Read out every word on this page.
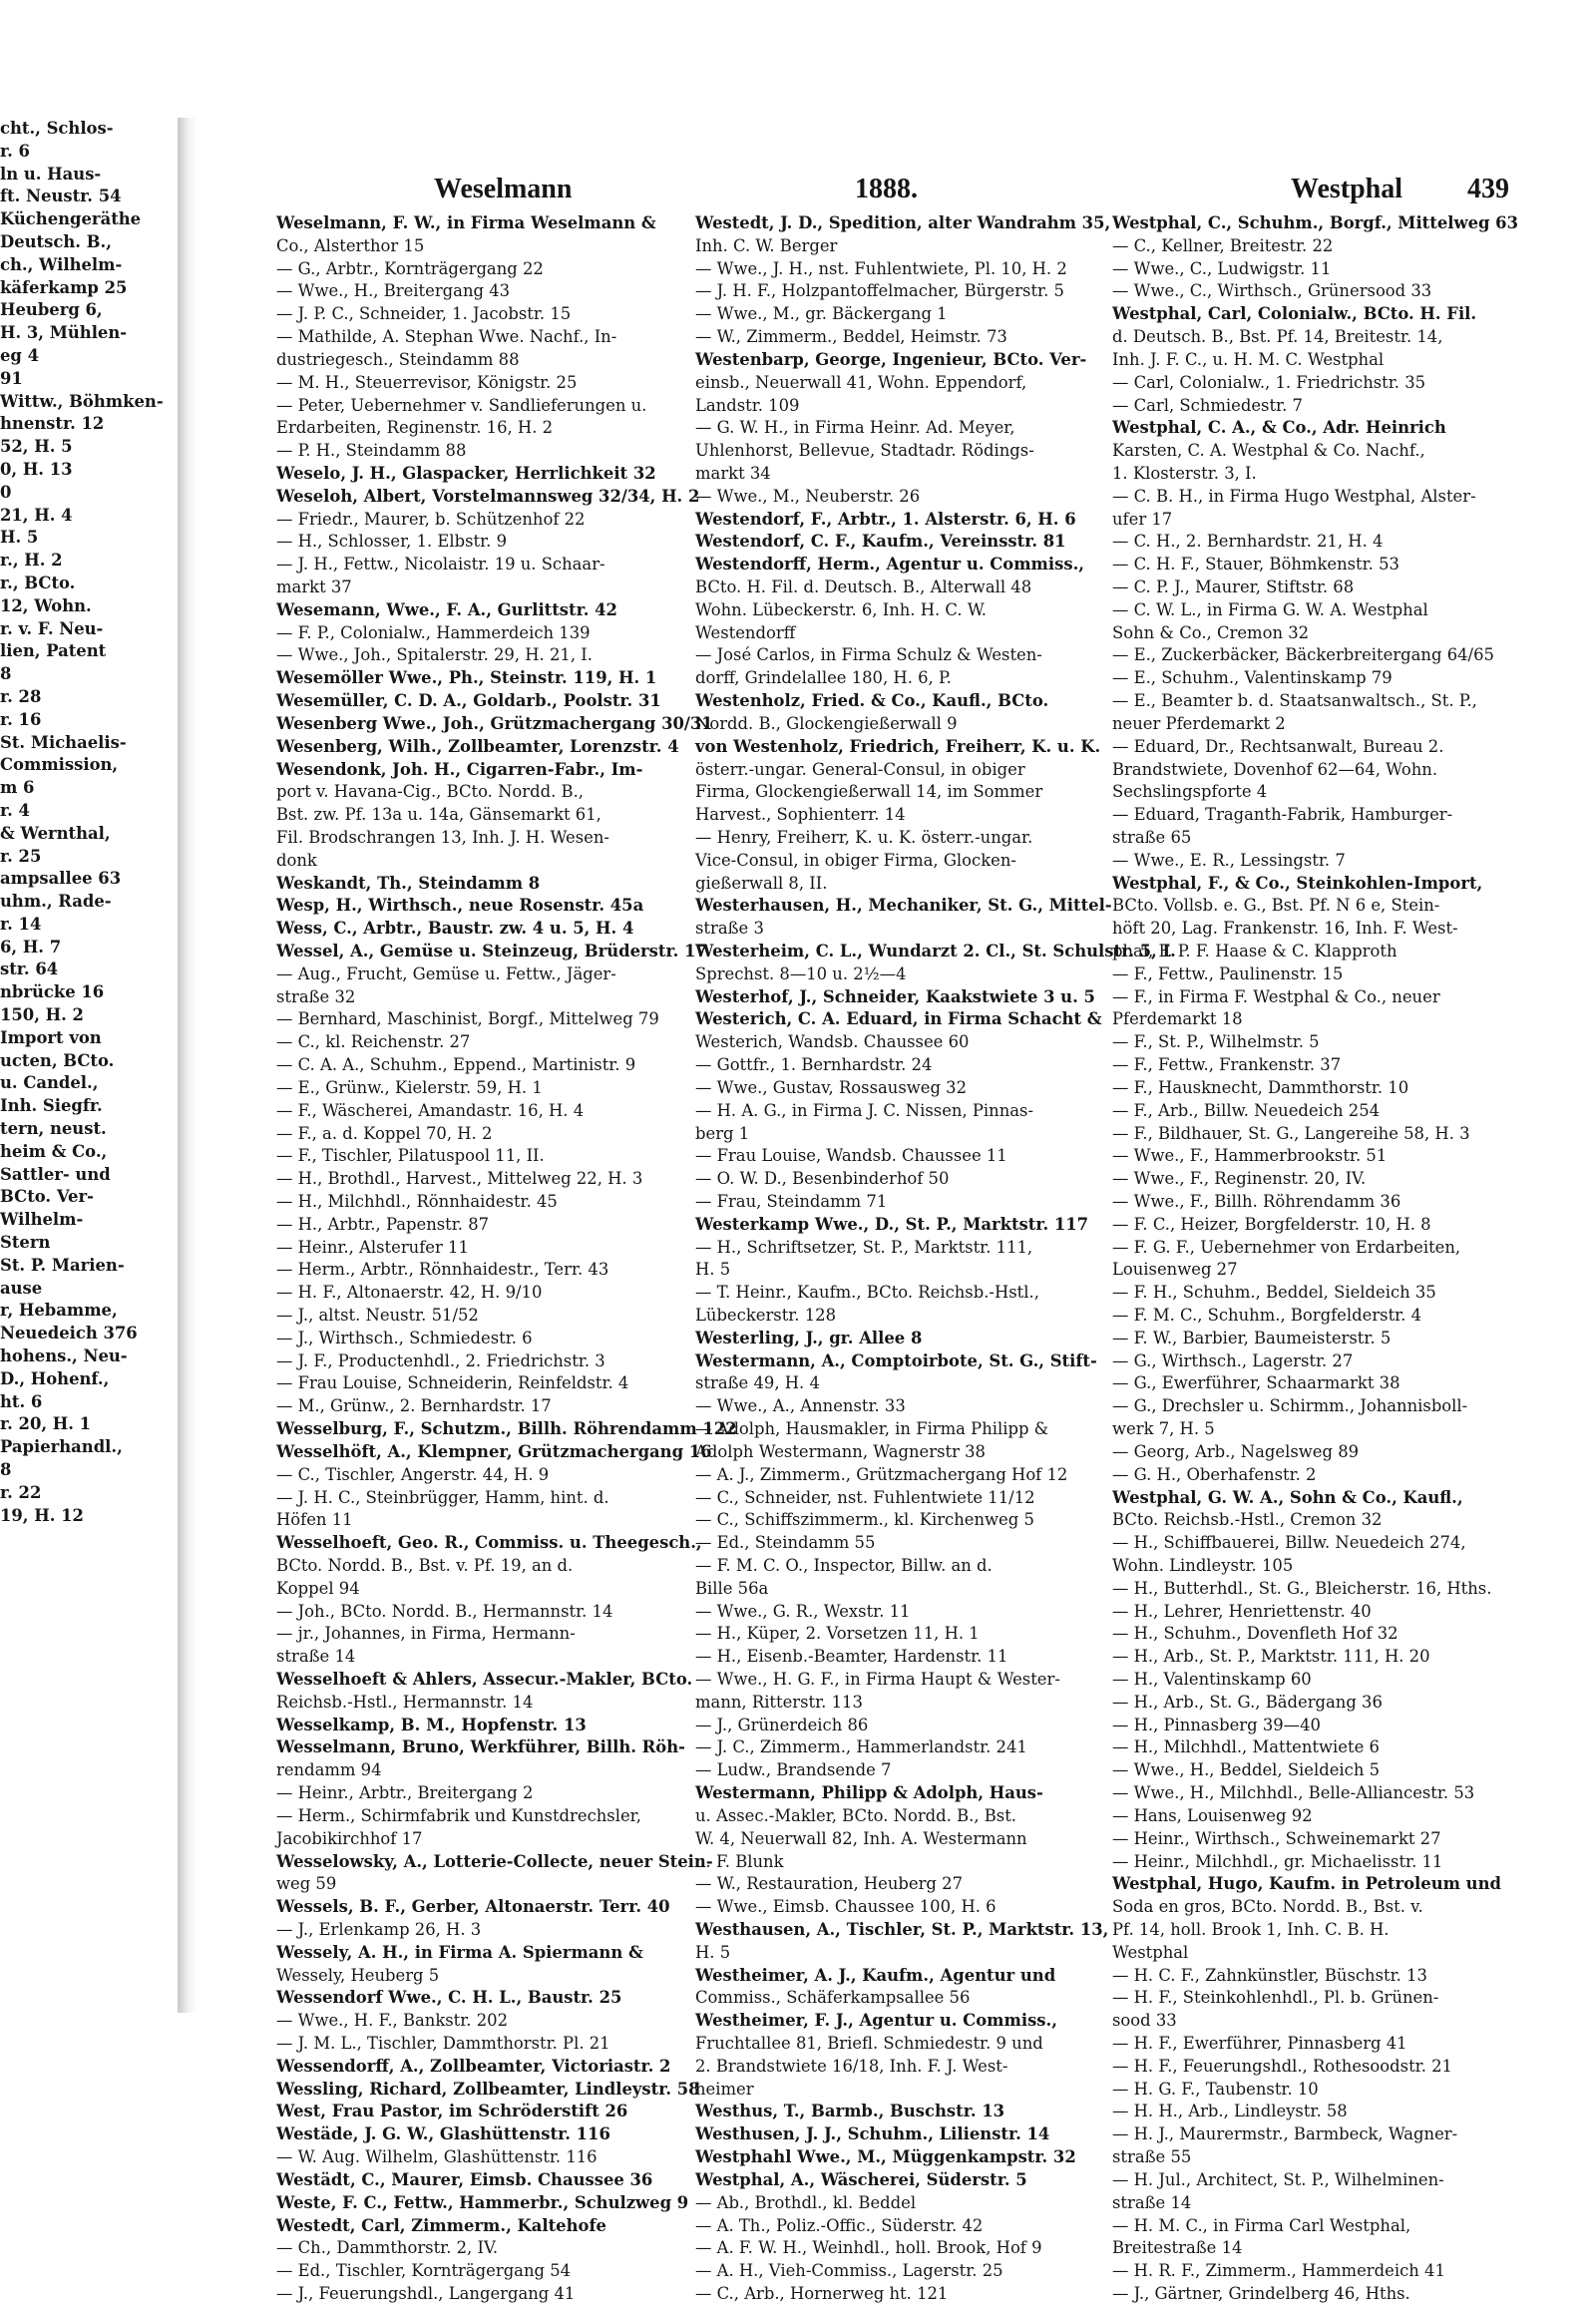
cht., Schlos-
r. 6
ln u. Haus-
ft. Neustr. 54
Küchengeräthe
Deutsch. B.,
ch., Wilhelm-
käferkamp 25
Heuberg 6,
H. 3, Mühlen-
eg 4
91
Wittw., Böhmken-
hnenstr. 12
52, H. 5
0, H. 13
0
21, H. 4
H. 5
r., H. 2
r., BCto.
12, Wohn.
r. v. F. Neu-
lien, Patent
8
r. 28
r. 16
St. Michaelis-
Commission,
m 6
r. 4
& Wernthal,
r. 25
ampsallee 63
uhm., Rade-
r. 14
6, H. 7
str. 64
nbrücke 16
150, H. 2
Import von
ucten, BCto.
u. Candel.,
Inh. Siegfr.
tern, neust.
heim & Co.,
Sattler- und
BCto. Ver-
Wilhelm-
Stern
St. P. Marien-
ause
r, Hebamme,
Neuedeich 376
hohens., Neu-
D., Hohenf.,
ht. 6
r. 20, H. 1
Papierhandl.,
8
r. 22
19, H. 12
Weselmann	1888.	Westphal 439
Weselmann, F. W., in Firma Weselmann &
Co., Alsterthor 15
— G., Arbtr., Kornträgergang 22
— Wwe., H., Breitergang 43
— J. P. C., Schneider, 1. Jacobstr. 15
— Mathilde, A. Stephan Wwe. Nachf., In-
dustriegesch., Steindamm 88
— M. H., Steuerrevisor, Königstr. 25
— Peter, Uebernehmer v. Sandlieferungen u.
Erdarbeiten, Reginenstr. 16, H. 2
— P. H., Steindamm 88
Weselo, J. H., Glaspacker, Herrlichkeit 32
Weseloh, Albert, Vorstelmannsweg 32/34, H. 2
— Friedr., Maurer, b. Schützenhof 22
— H., Schlosser, 1. Elbstr. 9
— J. H., Fettw., Nicolaistr. 19 u. Schaar-
markt 37
Wesemann, Wwe., F. A., Gurlittstr. 42
— F. P., Colonialw., Hammerdeich 139
— Wwe., Joh., Spitalerstr. 29, H. 21, I.
Wesemöller Wwe., Ph., Steinstr. 119, H. 1
Wesemüller, C. D. A., Goldarb., Poolstr. 31
Wesenberg Wwe., Joh., Grützmachergang 30/31
Wesenberg, Wilh., Zollbeamter, Lorenzstr. 4
Wesendonk, Joh. H., Cigarren-Fabr., Im-
port v. Havana-Cig., BCto. Nordd. B.,
Bst. zw. Pf. 13a u. 14a, Gänsemarkt 61,
Fil. Brodschrangen 13, Inh. J. H. Wesen-
donk
Weskandt, Th., Steindamm 8
Wesp, H., Wirthsch., neue Rosenstr. 45a
Wess, C., Arbtr., Baustr. zw. 4 u. 5, H. 4
Wessel, A., Gemüse u. Steinzeug, Brüderstr. 17
— Aug., Frucht, Gemüse u. Fettw., Jäger-
straße 32
— Bernhard, Maschinist, Borgf., Mittelweg 79
— C., kl. Reichenstr. 27
— C. A. A., Schuhm., Eppend., Martinistr. 9
— E., Grünw., Kielerstr. 59, H. 1
— F., Wäscherei, Amandastr. 16, H. 4
— F., a. d. Koppel 70, H. 2
— F., Tischler, Pilatuspool 11, II.
— H., Brothdl., Harvest., Mittelweg 22, H. 3
— H., Milchhdl., Rönnhaidestr. 45
— H., Arbtr., Papenstr. 87
— Heinr., Alsterufer 11
— Herm., Arbtr., Rönnhaidestr., Terr. 43
— H. F., Altonaerstr. 42, H. 9/10
— J., altst. Neustr. 51/52
— J., Wirthsch., Schmiedestr. 6
— J. F., Productenhdl., 2. Friedrichstr. 3
— Frau Louise, Schneiderin, Reinfeldstr. 4
— M., Grünw., 2. Bernhardstr. 17
Wesselburg, F., Schutzm., Billh. Röhrendamm 122
Wesselhöft, A., Klempner, Grützmachergang 16
— C., Tischler, Angerstr. 44, H. 9
— J. H. C., Steinbrügger, Hamm, hint. d.
Höfen 11
Wesselhoeft, Geo. R., Commiss. u. Theegesch.,
BCto. Nordd. B., Bst. v. Pf. 19, an d.
Koppel 94
— Joh., BCto. Nordd. B., Hermannstr. 14
— jr., Johannes, in Firma, Hermann-
straße 14
Wesselhoeft & Ahlers, Assecur.-Makler, BCto.
Reichsb.-Hstl., Hermannstr. 14
Wesselkamp, B. M., Hopfenstr. 13
Wesselmann, Bruno, Werkführer, Billh. Röh-
rendamm 94
— Heinr., Arbtr., Breitergang 2
— Herm., Schirmfabrik und Kunstdrechsler,
Jacobikirchhof 17
Wesselowsky, A., Lotterie-Collecte, neuer Stein-
weg 59
Wessels, B. F., Gerber, Altonaerstr. Terr. 40
— J., Erlenkamp 26, H. 3
Wessely, A. H., in Firma A. Spiermann &
Wessely, Heuberg 5
Wessendorf Wwe., C. H. L., Baustr. 25
— Wwe., H. F., Bankstr. 202
— J. M. L., Tischler, Dammthorstr. Pl. 21
Wessendorff, A., Zollbeamter, Victoriastr. 2
Wessling, Richard, Zollbeamter, Lindleystr. 58
West, Frau Pastor, im Schröderstift 26
Westäde, J. G. W., Glashüttenstr. 116
— W. Aug. Wilhelm, Glashüttenstr. 116
Westädt, C., Maurer, Eimsb. Chaussee 36
Weste, F. C., Fettw., Hammerbr., Schulzweg 9
Westedt, Carl, Zimmerm., Kaltehofe
— Ch., Dammthorstr. 2, IV.
— Ed., Tischler, Kornträgergang 54
— J., Feuerungshdl., Langergang 41
Westedt, J. D., Spedition, alter Wandrahm 35,
Inh. C. W. Berger
— Wwe., J. H., nst. Fuhlentwiete, Pl. 10, H. 2
— J. H. F., Holzpantoffelmacher, Bürgerstr. 5
— Wwe., M., gr. Bäckergang 1
— W., Zimmerm., Beddel, Heimstr. 73
Westenbarp, George, Ingenieur, BCto. Ver-
einsb., Neuerwall 41, Wohn. Eppendorf,
Landstr. 109
— G. W. H., in Firma Heinr. Ad. Meyer,
Uhlenhorst, Bellevue, Stadtadr. Rödings-
markt 34
— Wwe., M., Neuberstr. 26
Westendorf, F., Arbtr., 1. Alsterstr. 6, H. 6
Westendorf, C. F., Kaufm., Vereinsstr. 81
Westendorff, Herm., Agentur u. Commiss.,
BCto. H. Fil. d. Deutsch. B., Alterwall 48
Wohn. Lübeckerstr. 6, Inh. H. C. W.
Westendorff
— José Carlos, in Firma Schulz & Westen-
dorff, Grindelallee 180, H. 6, P.
Westenholz, Fried. & Co., Kaufl., BCto.
Nordd. B., Glockengießerwall 9
von Westenholz, Friedrich, Freiherr, K. u. K.
österr.-ungar. General-Consul, in obiger
Firma, Glockengießerwall 14, im Sommer
Harvest., Sophienterr. 14
— Henry, Freiherr, K. u. K. österr.-ungar.
Vice-Consul, in obiger Firma, Glocken-
gießerwall 8, II.
Westerhausen, H., Mechaniker, St. G., Mittel-
straße 3
Westerheim, C. L., Wundarzt 2. Cl., St. Schulstr. 5, I.
Sprechst. 8—10 u. 2½—4
Westerhof, J., Schneider, Kaakstwiete 3 u. 5
Westerich, C. A. Eduard, in Firma Schacht &
Westerich, Wandsb. Chaussee 60
— Gottfr., 1. Bernhardstr. 24
— Wwe., Gustav, Rossausweg 32
— H. A. G., in Firma J. C. Nissen, Pinnas-
berg 1
— Frau Louise, Wandsb. Chaussee 11
— O. W. D., Besenbinderhof 50
— Frau, Steindamm 71
Westerkamp Wwe., D., St. P., Marktstr. 117
— H., Schriftsetzer, St. P., Marktstr. 111,
H. 5
— T. Heinr., Kaufm., BCto. Reichsb.-Hstl.,
Lübeckerstr. 128
Westerling, J., gr. Allee 8
Westermann, A., Comptoirbote, St. G., Stift-
straße 49, H. 4
— Wwe., A., Annenstr. 33
— Adolph, Hausmakler, in Firma Philipp &
Adolph Westermann, Wagnerstr 38
— A. J., Zimmerm., Grützmachergang Hof 12
— C., Schneider, nst. Fuhlentwiete 11/12
— C., Schiffszimmerm., kl. Kirchenweg 5
— Ed., Steindamm 55
— F. M. C. O., Inspector, Billw. an d.
Bille 56a
— Wwe., G. R., Wexstr. 11
— H., Küper, 2. Vorsetzen 11, H. 1
— H., Eisenb.-Beamter, Hardenstr. 11
— Wwe., H. G. F., in Firma Haupt & Wester-
mann, Ritterstr. 113
— J., Grünerdeich 86
— J. C., Zimmerm., Hammerlandstr. 241
— Ludw., Brandsende 7
Westermann, Philipp & Adolph, Haus-
u. Assec.-Makler, BCto. Nordd. B., Bst.
W. 4, Neuerwall 82, Inh. A. Westermann
u. F. Blunk
— W., Restauration, Heuberg 27
— Wwe., Eimsb. Chaussee 100, H. 6
Westhausen, A., Tischler, St. P., Marktstr. 13,
H. 5
Westheimer, A. J., Kaufm., Agentur und
Commiss., Schäferkampsallee 56
Westheimer, F. J., Agentur u. Commiss.,
Fruchtallee 81, Briefl. Schmiedestr. 9 und
2. Brandstwiete 16/18, Inh. F. J. West-
heimer
Westhus, T., Barmb., Buschstr. 13
Westhusen, J. J., Schuhm., Lilienstr. 14
Westphahl Wwe., M., Müggenkampstr. 32
Westphal, A., Wäscherei, Süderstr. 5
— Ab., Brothdl., kl. Beddel
— A. Th., Poliz.-Offic., Süderstr. 42
— A. F. W. H., Weinhdl., holl. Brook, Hof 9
— A. H., Vieh-Commiss., Lagerstr. 25
— C., Arb., Hornerweg ht. 121
Westphal, C., Schuhm., Borgf., Mittelweg 63
— C., Kellner, Breitestr. 22
— Wwe., C., Ludwigstr. 11
— Wwe., C., Wirthsch., Grünersood 33
Westphal, Carl, Colonialw., BCto. H. Fil.
d. Deutsch. B., Bst. Pf. 14, Breitestr. 14,
Inh. J. F. C., u. H. M. C. Westphal
— Carl, Colonialw., 1. Friedrichstr. 35
— Carl, Schmiedestr. 7
Westphal, C. A., & Co., Adr. Heinrich
Karsten, C. A. Westphal & Co. Nachf.,
1. Klosterstr. 3, I.
— C. B. H., in Firma Hugo Westphal, Alster-
ufer 17
— C. H., 2. Bernhardstr. 21, H. 4
— C. H. F., Stauer, Böhmkenstr. 53
— C. P. J., Maurer, Stiftstr. 68
— C. W. L., in Firma G. W. A. Westphal
Sohn & Co., Cremon 32
— E., Zuckerbäcker, Bäckerbreitergang 64/65
— E., Schuhm., Valentinskamp 79
— E., Beamter b. d. Staatsanwaltsch., St. P.,
neuer Pferdemarkt 2
— Eduard, Dr., Rechtsanwalt, Bureau 2.
Brandstwiete, Dovenhof 62—64, Wohn.
Sechslingspforte 4
— Eduard, Traganth-Fabrik, Hamburger-
straße 65
— Wwe., E. R., Lessingstr. 7
Westphal, F., & Co., Steinkohlen-Import,
BCto. Vollsb. e. G., Bst. Pf. N 6 e, Stein-
höft 20, Lag. Frankenstr. 16, Inh. F. West-
phal, F. P. F. Haase & C. Klapproth
— F., Fettw., Paulinenstr. 15
— F., in Firma F. Westphal & Co., neuer
Pferdemarkt 18
— F., St. P., Wilhelmstr. 5
— F., Fettw., Frankenstr. 37
— F., Hausknecht, Dammthorstr. 10
— F., Arb., Billw. Neuedeich 254
— F., Bildhauer, St. G., Langereihe 58, H. 3
— Wwe., F., Hammerbrookstr. 51
— Wwe., F., Reginenstr. 20, IV.
— Wwe., F., Billh. Röhrendamm 36
— F. C., Heizer, Borgfelderstr. 10, H. 8
— F. G. F., Uebernehmer von Erdarbeiten,
Louisenweg 27
— F. H., Schuhm., Beddel, Sieldeich 35
— F. M. C., Schuhm., Borgfelderstr. 4
— F. W., Barbier, Baumeisterstr. 5
— G., Wirthsch., Lagerstr. 27
— G., Ewerführer, Schaarmarkt 38
— G., Drechsler u. Schirmm., Johannisboll-
werk 7, H. 5
— Georg, Arb., Nagelsweg 89
— G. H., Oberhafenstr. 2
Westphal, G. W. A., Sohn & Co., Kaufl.,
BCto. Reichsb.-Hstl., Cremon 32
— H., Schiffbauerei, Billw. Neuedeich 274,
Wohn. Lindleystr. 105
— H., Butterhdl., St. G., Bleicherstr. 16, Hths.
— H., Lehrer, Henriettenstr. 40
— H., Schuhm., Dovenfleth Hof 32
— H., Arb., St. P., Marktstr. 111, H. 20
— H., Valentinskamp 60
— H., Arb., St. G., Bädergang 36
— H., Pinnasberg 39—40
— H., Milchhdl., Mattentwiete 6
— Wwe., H., Beddel, Sieldeich 5
— Wwe., H., Milchhdl., Belle-Alliancestr. 53
— Hans, Louisenweg 92
— Heinr., Wirthsch., Schweinemarkt 27
— Heinr., Milchhdl., gr. Michaelisstr. 11
Westphal, Hugo, Kaufm. in Petroleum und
Soda en gros, BCto. Nordd. B., Bst. v.
Pf. 14, holl. Brook 1, Inh. C. B. H.
Westphal
— H. C. F., Zahnkünstler, Büschstr. 13
— H. F., Steinkohlenhdl., Pl. b. Grünen-
sood 33
— H. F., Ewerführer, Pinnasberg 41
— H. F., Feuerungshdl., Rothesoodstr. 21
— H. G. F., Taubenstr. 10
— H. H., Arb., Lindleystr. 58
— H. J., Maurermstr., Barmbeck, Wagner-
straße 55
— H. Jul., Architect, St. P., Wilhelminen-
straße 14
— H. M. C., in Firma Carl Westphal,
Breitestraße 14
— H. R. F., Zimmerm., Hammerdeich 41
— J., Gärtner, Grindelberg 46, Hths.
